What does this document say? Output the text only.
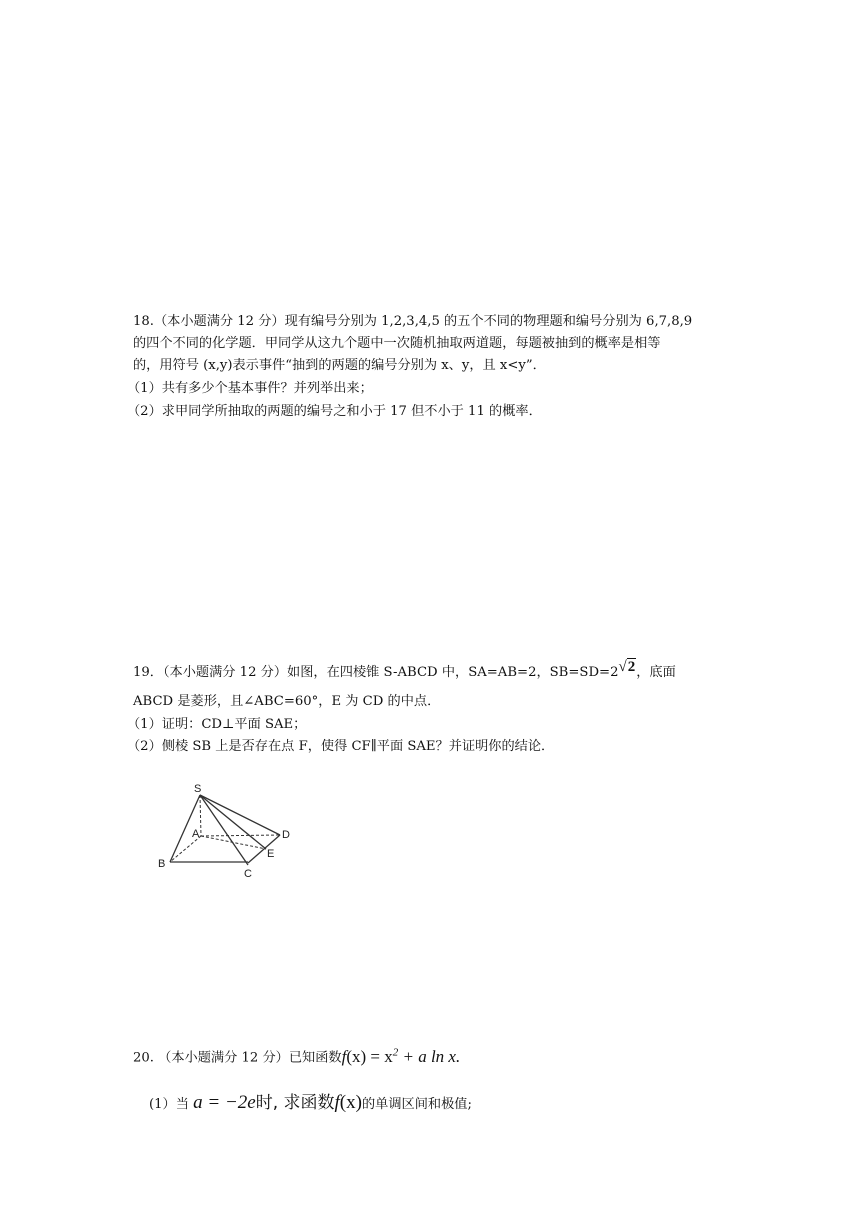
18.（本小题满分 12 分）现有编号分别为 1,2,3,4,5 的五个不同的物理题和编号分别为 6,7,8,9
的四个不同的化学题．甲同学从这九个题中一次随机抽取两道题，每题被抽到的概率是相等
的，用符号 (x,y)表示事件“抽到的两题的编号分别为 x、y，且 x<y”．
（1）共有多少个基本事件？并列举出来；
（2）求甲同学所抽取的两题的编号之和小于 17 但不小于 11 的概率．
19．（本小题满分 12 分）如图，在四棱锥 S-ABCD 中，SA=AB=2，SB=SD=2√2，底面
ABCD 是菱形，且∠ABC=60°，E 为 CD 的中点．
（1）证明：CD⊥平面 SAE；
（2）侧棱 SB 上是否存在点 F，使得 CF∥平面 SAE？并证明你的结论．
S
A
B
C
D
E
20. （本小题满分 12 分）已知函数$f(x) = x^2 + a$ ln x.
(1）当 a = −2e时, 求函数f(x)的单调区间和极值;
